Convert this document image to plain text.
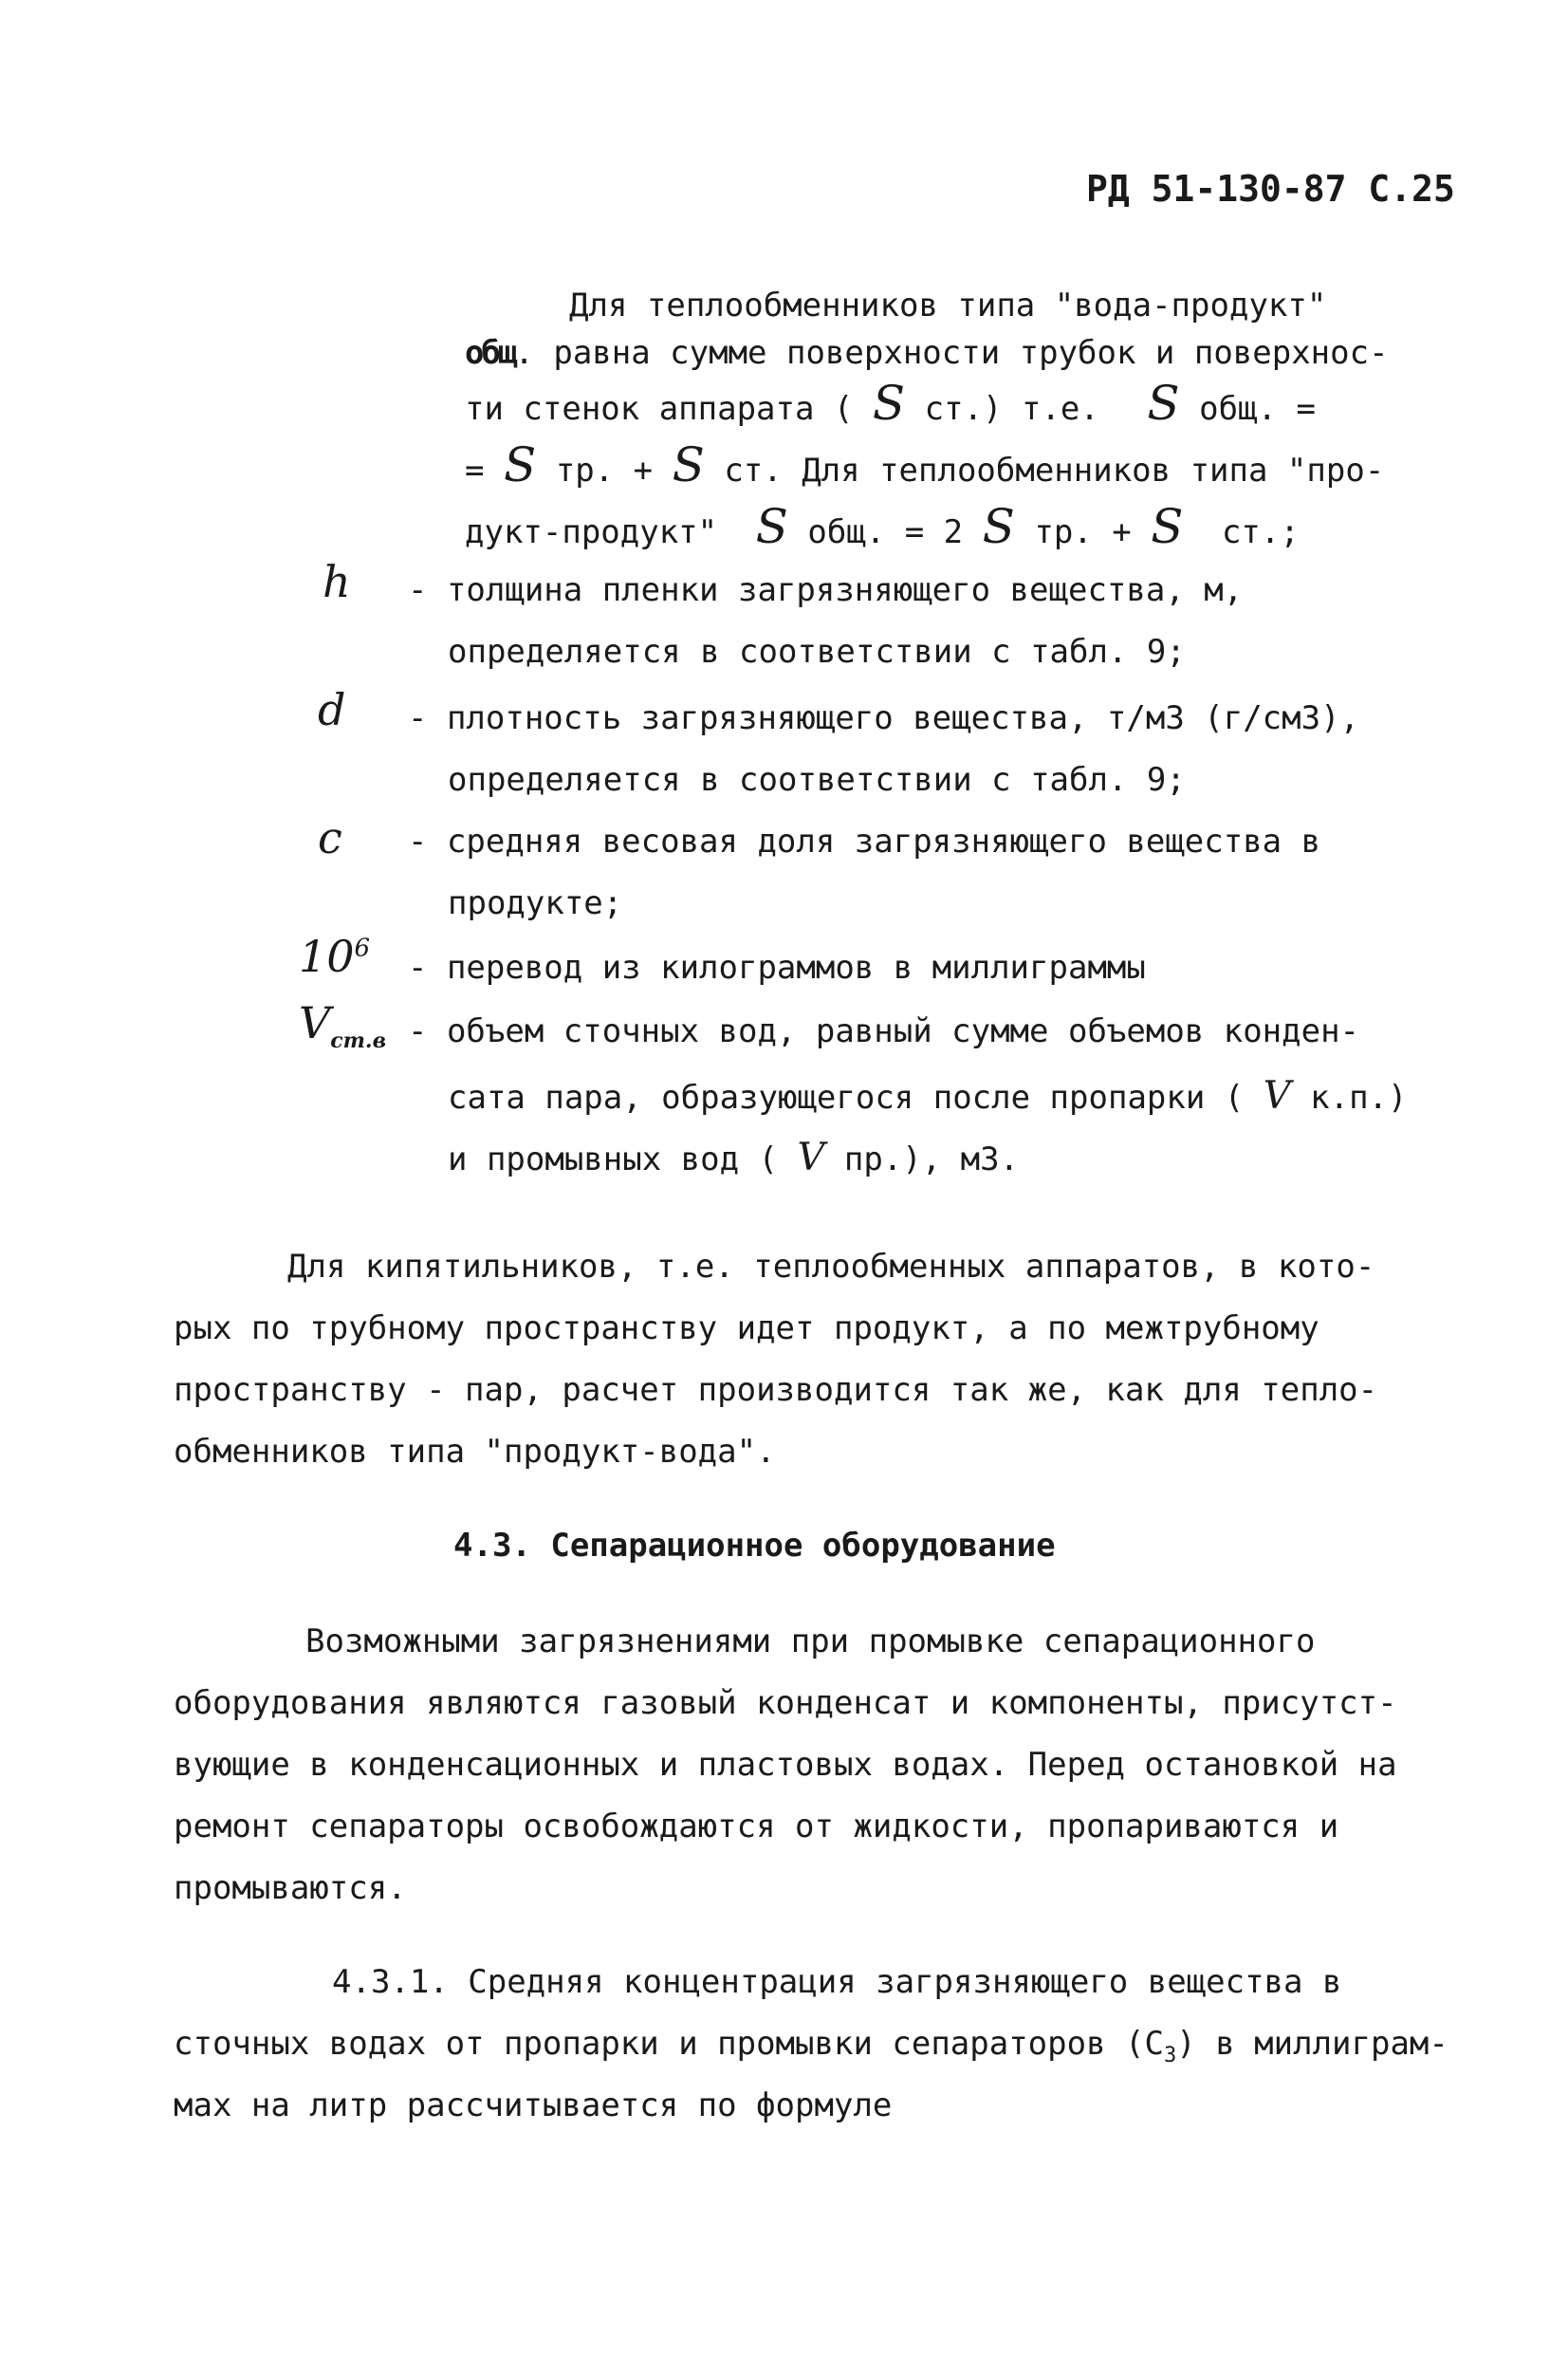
РД 51-130-87 С.25
Для теплообменников типа "вода-продукт"
общ. равна сумме поверхности трубок и поверхнос-
ти стенок аппарата ( S ст.) т.е. S общ. =
= S тр. + S ст. Для теплообменников типа "про-
дукт-продукт" S общ. = 2 S тр. + S ст.;
h - толщина пленки загрязняющего вещества, м,
определяется в соответствии с табл. 9;
d - плотность загрязняющего вещества, т/м3 (г/см3),
определяется в соответствии с табл. 9;
c - средняя весовая доля загрязняющего вещества в
продукте;
$10^6$
- перевод из килограммов в миллиграммы
$V_{ст.в}$ - объем сточных вод, равный сумме объемов конден-
сата пара, образующегося после пропарки ( V к.п.)
и промывных вод ( V пр.), м3.
Для кипятильников, т.е. теплообменных аппаратов, в кото-
рых по трубному пространству идет продукт, а по межтрубному
пространству - пар, расчет производится так же, как для тепло-
обменников типа "продукт-вода".
4.3. Сепарационное оборудование
Возможными загрязнениями при промывке сепарационного
оборудования являются газовый конденсат и компоненты, присутст-
вующие в конденсационных и пластовых водах. Перед остановкой на
ремонт сепараторы освобождаются от жидкости, пропариваются и
промываются.
4.3.1. Средняя концентрация загрязняющего вещества в
сточных водах от пропарки и промывки сепараторов $(С_3)$ в миллиграм-
мах на литр рассчитывается по формуле
